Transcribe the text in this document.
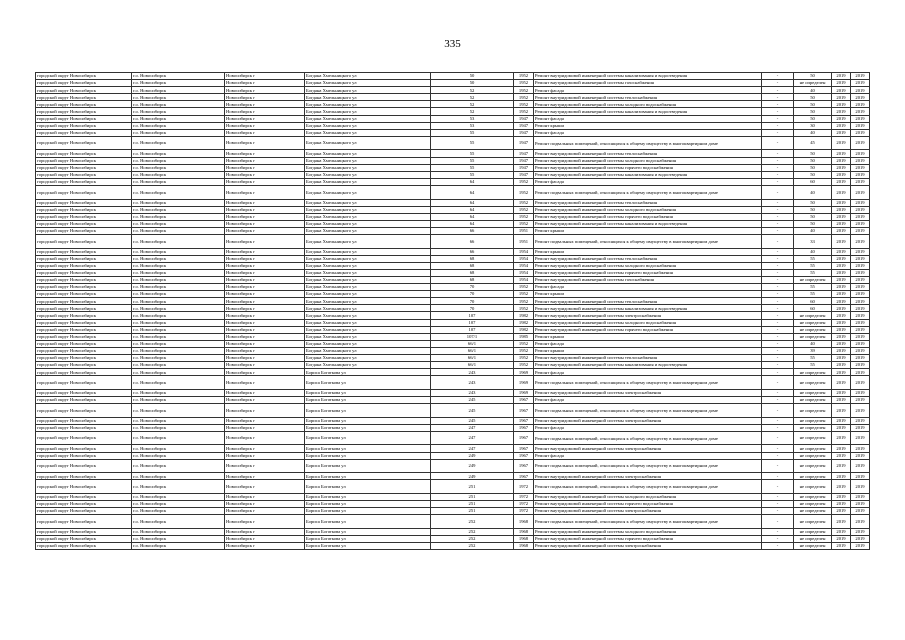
335
городской округ Новосибирск	г.о. Новосибирск	Новосибирск г	Богдана Хмельницкого ул	50	1952	Ремонт внутридомовой инженерной системы канализования и водоотведения	-	50	2019	2019
городской округ Новосибирск	г.о. Новосибирск	Новосибирск г	Богдана Хмельницкого ул	50	1952	Ремонт внутридомовой инженерной системы газоснабжения	-	не определен	2019	2019
городской округ Новосибирск	г.о. Новосибирск	Новосибирск г	Богдана Хмельницкого ул	52	1952	Ремонт фасада	-	40	2019	2019
городской округ Новосибирск	г.о. Новосибирск	Новосибирск г	Богдана Хмельницкого ул	52	1952	Ремонт внутридомовой инженерной системы теплоснабжения	-	50	2019	2019
городской округ Новосибирск	г.о. Новосибирск	Новосибирск г	Богдана Хмельницкого ул	52	1952	Ремонт внутридомовой инженерной системы холодного водоснабжения	-	50	2019	2019
городской округ Новосибирск	г.о. Новосибирск	Новосибирск г	Богдана Хмельницкого ул	52	1952	Ремонт внутридомовой инженерной системы канализования и водоотведения	-	50	2019	2019
городской округ Новосибирск	г.о. Новосибирск	Новосибирск г	Богдана Хмельницкого ул	53	1947	Ремонт фасада	-	50	2019	2019
городской округ Новосибирск	г.о. Новосибирск	Новосибирск г	Богдана Хмельницкого ул	53	1947	Ремонт крыши	-	30	2019	2019
городской округ Новосибирск	г.о. Новосибирск	Новосибирск г	Богдана Хмельницкого ул	55	1947	Ремонт фасада	-	40	2019	2019
городской округ Новосибирск	г.о. Новосибирск	Новосибирск г	Богдана Хмельницкого ул	55	1947	Ремонт подвальных помещений, относящихся к общему имуществу в многоквартирном доме	-	45	2019	2019
городской округ Новосибирск	г.о. Новосибирск	Новосибирск г	Богдана Хмельницкого ул	55	1947	Ремонт внутридомовой инженерной системы теплоснабжения	-	50	2019	2019
городской округ Новосибирск	г.о. Новосибирск	Новосибирск г	Богдана Хмельницкого ул	55	1947	Ремонт внутридомовой инженерной системы холодного водоснабжения	-	50	2019	2019
городской округ Новосибирск	г.о. Новосибирск	Новосибирск г	Богдана Хмельницкого ул	55	1947	Ремонт внутридомовой инженерной системы горячего водоснабжения	-	50	2019	2019
городской округ Новосибирск	г.о. Новосибирск	Новосибирск г	Богдана Хмельницкого ул	55	1947	Ремонт внутридомовой инженерной системы канализования и водоотведения	-	50	2019	2019
городской округ Новосибирск	г.о. Новосибирск	Новосибирск г	Богдана Хмельницкого ул	64	1952	Ремонт фасада	-	60	2019	2019
городской округ Новосибирск	г.о. Новосибирск	Новосибирск г	Богдана Хмельницкого ул	64	1952	Ремонт подвальных помещений, относящихся к общему имуществу в многоквартирном доме	-	40	2019	2019
городской округ Новосибирск	г.о. Новосибирск	Новосибирск г	Богдана Хмельницкого ул	64	1952	Ремонт внутридомовой инженерной системы теплоснабжения	-	50	2019	2019
городской округ Новосибирск	г.о. Новосибирск	Новосибирск г	Богдана Хмельницкого ул	64	1952	Ремонт внутридомовой инженерной системы холодного водоснабжения	-	50	2019	2019
городской округ Новосибирск	г.о. Новосибирск	Новосибирск г	Богдана Хмельницкого ул	64	1952	Ремонт внутридомовой инженерной системы горячего водоснабжения	-	50	2019	2019
городской округ Новосибирск	г.о. Новосибирск	Новосибирск г	Богдана Хмельницкого ул	64	1952	Ремонт внутридомовой инженерной системы канализования и водоотведения	-	50	2019	2019
городской округ Новосибирск	г.о. Новосибирск	Новосибирск г	Богдана Хмельницкого ул	66	1951	Ремонт крыши	-	40	2019	2019
городской округ Новосибирск	г.о. Новосибирск	Новосибирск г	Богдана Хмельницкого ул	66	1951	Ремонт подвальных помещений, относящихся к общему имуществу в многоквартирном доме	-	33	2019	2019
городской округ Новосибирск	г.о. Новосибирск	Новосибирск г	Богдана Хмельницкого ул	66	1954	Ремонт крыши	-	40	2019	2019
городской округ Новосибирск	г.о. Новосибирск	Новосибирск г	Богдана Хмельницкого ул	68	1954	Ремонт внутридомовой инженерной системы теплоснабжения	-	55	2019	2019
городской округ Новосибирск	г.о. Новосибирск	Новосибирск г	Богдана Хмельницкого ул	68	1954	Ремонт внутридомовой инженерной системы холодного водоснабжения	-	55	2019	2019
городской округ Новосибирск	г.о. Новосибирск	Новосибирск г	Богдана Хмельницкого ул	68	1954	Ремонт внутридомовой инженерной системы горячего водоснабжения	-	55	2019	2019
городской округ Новосибирск	г.о. Новосибирск	Новосибирск г	Богдана Хмельницкого ул	68	1954	Ремонт внутридомовой инженерной системы газоснабжения	-	не определен	2019	2019
городской округ Новосибирск	г.о. Новосибирск	Новосибирск г	Богдана Хмельницкого ул	70	1952	Ремонт фасада	-	55	2019	2019
городской округ Новосибирск	г.о. Новосибирск	Новосибирск г	Богдана Хмельницкого ул	70	1952	Ремонт крыши	-	55	2019	2019
городской округ Новосибирск	г.о. Новосибирск	Новосибирск г	Богдана Хмельницкого ул	70	1952	Ремонт внутридомовой инженерной системы теплоснабжения	-	60	2019	2019
городской округ Новосибирск	г.о. Новосибирск	Новосибирск г	Богдана Хмельницкого ул	70	1952	Ремонт внутридомовой инженерной системы канализования и водоотведения	-	60	2019	2019
городской округ Новосибирск	г.о. Новосибирск	Новосибирск г	Богдана Хмельницкого ул	107	1982	Ремонт внутридомовой инженерной системы электроснабжения	-	не определен	2019	2019
городской округ Новосибирск	г.о. Новосибирск	Новосибирск г	Богдана Хмельницкого ул	107	1982	Ремонт внутридомовой инженерной системы холодного водоснабжения	-	не определен	2019	2019
городской округ Новосибирск	г.о. Новосибирск	Новосибирск г	Богдана Хмельницкого ул	107	1982	Ремонт внутридомовой инженерной системы горячего водоснабжения	-	не определен	2019	2019
городской округ Новосибирск	г.о. Новосибирск	Новосибирск г	Богдана Хмельницкого ул	107/1	1985	Ремонт крыши	-	не определен	2019	2019
городской округ Новосибирск	г.о. Новосибирск	Новосибирск г	Богдана Хмельницкого ул	66/1	1952	Ремонт фасада	-	40	2019	2019
городской округ Новосибирск	г.о. Новосибирск	Новосибирск г	Богдана Хмельницкого ул	66/1	1952	Ремонт крыши	-	39	2019	2019
городской округ Новосибирск	г.о. Новосибирск	Новосибирск г	Богдана Хмельницкого ул	66/1	1952	Ремонт внутридомовой инженерной системы теплоснабжения	-	55	2019	2019
городской округ Новосибирск	г.о. Новосибирск	Новосибирск г	Богдана Хмельницкого ул	66/1	1952	Ремонт внутридомовой инженерной системы канализования и водоотведения	-	55	2019	2019
городской округ Новосибирск	г.о. Новосибирск	Новосибирск г	Бориса Богаткова ул	243	1969	Ремонт фасада	-	не определен	2019	2019
городской округ Новосибирск	г.о. Новосибирск	Новосибирск г	Бориса Богаткова ул	243	1969	Ремонт подвальных помещений, относящихся к общему имуществу в многоквартирном доме	-	не определен	2019	2019
городской округ Новосибирск	г.о. Новосибирск	Новосибирск г	Бориса Богаткова ул	243	1969	Ремонт внутридомовой инженерной системы электроснабжения	-	не определен	2019	2019
городской округ Новосибирск	г.о. Новосибирск	Новосибирск г	Бориса Богаткова ул	245	1967	Ремонт фасада	-	не определен	2019	2019
городской округ Новосибирск	г.о. Новосибирск	Новосибирск г	Бориса Богаткова ул	245	1967	Ремонт подвальных помещений, относящихся к общему имуществу в многоквартирном доме	-	не определен	2019	2019
городской округ Новосибирск	г.о. Новосибирск	Новосибирск г	Бориса Богаткова ул	245	1967	Ремонт внутридомовой инженерной системы электроснабжения	-	не определен	2019	2019
городской округ Новосибирск	г.о. Новосибирск	Новосибирск г	Бориса Богаткова ул	247	1967	Ремонт фасада	-	не определен	2019	2019
городской округ Новосибирск	г.о. Новосибирск	Новосибирск г	Бориса Богаткова ул	247	1967	Ремонт подвальных помещений, относящихся к общему имуществу в многоквартирном доме	-	не определен	2019	2019
городской округ Новосибирск	г.о. Новосибирск	Новосибирск г	Бориса Богаткова ул	247	1967	Ремонт внутридомовой инженерной системы электроснабжения	-	не определен	2019	2019
городской округ Новосибирск	г.о. Новосибирск	Новосибирск г	Бориса Богаткова ул	249	1967	Ремонт фасада	-	не определен	2019	2019
городской округ Новосибирск	г.о. Новосибирск	Новосибирск г	Бориса Богаткова ул	249	1967	Ремонт подвальных помещений, относящихся к общему имуществу в многоквартирном доме	-	не определен	2019	2019
городской округ Новосибирск	г.о. Новосибирск	Новосибирск г	Бориса Богаткова ул	249	1967	Ремонт внутридомовой инженерной системы электроснабжения	-	не определен	2019	2019
городской округ Новосибирск	г.о. Новосибирск	Новосибирск г	Бориса Богаткова ул	251	1972	Ремонт подвальных помещений, относящихся к общему имуществу в многоквартирном доме	-	не определен	2019	2019
городской округ Новосибирск	г.о. Новосибирск	Новосибирск г	Бориса Богаткова ул	251	1972	Ремонт внутридомовой инженерной системы холодного водоснабжения	-	не определен	2019	2019
городской округ Новосибирск	г.о. Новосибирск	Новосибирск г	Бориса Богаткова ул	251	1972	Ремонт внутридомовой инженерной системы горячего водоснабжения	-	не определен	2019	2019
городской округ Новосибирск	г.о. Новосибирск	Новосибирск г	Бориса Богаткова ул	251	1972	Ремонт внутридомовой инженерной системы электроснабжения	-	не определен	2019	2019
городской округ Новосибирск	г.о. Новосибирск	Новосибирск г	Бориса Богаткова ул	252	1968	Ремонт подвальных помещений, относящихся к общему имуществу в многоквартирном доме	-	не определен	2019	2019
городской округ Новосибирск	г.о. Новосибирск	Новосибирск г	Бориса Богаткова ул	252	1968	Ремонт внутридомовой инженерной системы холодного водоснабжения	-	не определен	2019	2019
городской округ Новосибирск	г.о. Новосибирск	Новосибирск г	Бориса Богаткова ул	252	1968	Ремонт внутридомовой инженерной системы горячего водоснабжения	-	не определен	2019	2019
городской округ Новосибирск	г.о. Новосибирск	Новосибирск г	Бориса Богаткова ул	252	1968	Ремонт внутридомовой инженерной системы электроснабжения	-	не определен	2019	2019
